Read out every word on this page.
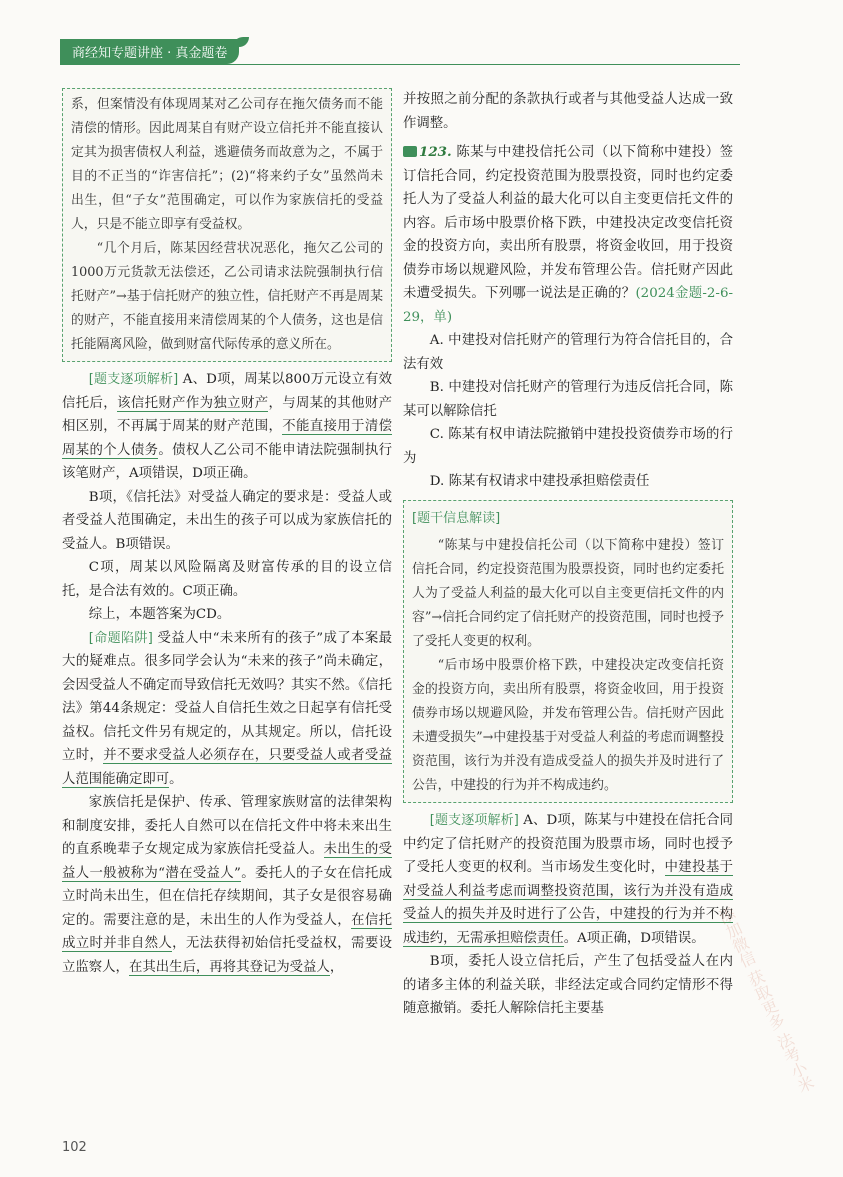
商经知专题讲座 · 真金题卷

系，但案情没有体现周某对乙公司存在拖欠债务而不能清偿的情形。因此周某自有财产设立信托并不能直接认定其为损害债权人利益，逃避债务而故意为之，不属于目的不正当的“诈害信托”；(2)“将来约子女”虽然尚未出生，但“子女”范围确定，可以作为家族信托的受益人，只是不能立即享有受益权。

“几个月后，陈某因经营状况恶化，拖欠乙公司的1000万元货款无法偿还，乙公司请求法院强制执行信托财产”→基于信托财产的独立性，信托财产不再是周某的财产，不能直接用来清偿周某的个人债务，这也是信托能隔离风险，做到财富代际传承的意义所在。

[题支逐项解析] A、D项，周某以800万元设立有效信托后，该信托财产作为独立财产，与周某的其他财产相区别，不再属于周某的财产范围，不能直接用于清偿周某的个人债务。债权人乙公司不能申请法院强制执行该笔财产，A项错误，D项正确。

B项，《信托法》对受益人确定的要求是：受益人或者受益人范围确定，未出生的孩子可以成为家族信托的受益人。B项错误。

C项，周某以风险隔离及财富传承的目的设立信托，是合法有效的。C项正确。

综上，本题答案为CD。

[命题陷阱] 受益人中“未来所有的孩子”成了本案最大的疑难点。很多同学会认为“未来的孩子”尚未确定，会因受益人不确定而导致信托无效吗？其实不然。《信托法》第44条规定：受益人自信托生效之日起享有信托受益权。信托文件另有规定的，从其规定。所以，信托设立时，并不要求受益人必须存在，只要受益人或者受益人范围能确定即可。

家族信托是保护、传承、管理家族财富的法律架构和制度安排，委托人自然可以在信托文件中将未来出生的直系晚辈子女规定成为家族信托受益人。未出生的受益人一般被称为“潜在受益人”。委托人的子女在信托成立时尚未出生，但在信托存续期间，其子女是很容易确定的。需要注意的是，未出生的人作为受益人，在信托成立时并非自然人，无法获得初始信托受益权，需要设立监察人，在其出生后，再将其登记为受益人，

并按照之前分配的条款执行或者与其他受益人达成一致作调整。

123. 陈某与中建投信托公司（以下简称中建投）签订信托合同，约定投资范围为股票投资，同时也约定委托人为了受益人利益的最大化可以自主变更信托文件的内容。后市场中股票价格下跌，中建投决定改变信托资金的投资方向，卖出所有股票，将资金收回，用于投资债券市场以规避风险，并发布管理公告。信托财产因此未遭受损失。下列哪一说法是正确的？(2024金题-2-6-29，单)

A. 中建投对信托财产的管理行为符合信托目的，合法有效

B. 中建投对信托财产的管理行为违反信托合同，陈某可以解除信托

C. 陈某有权申请法院撤销中建投投资债券市场的行为

D. 陈某有权请求中建投承担赔偿责任

[题干信息解读]

“陈某与中建投信托公司（以下简称中建投）签订信托合同，约定投资范围为股票投资，同时也约定委托人为了受益人利益的最大化可以自主变更信托文件的内容”→信托合同约定了信托财产的投资范围，同时也授予了受托人变更的权利。

“后市场中股票价格下跌，中建投决定改变信托资金的投资方向，卖出所有股票，将资金收回，用于投资债券市场以规避风险，并发布管理公告。信托财产因此未遭受损失”→中建投基于对受益人利益的考虑而调整投资范围，该行为并没有造成受益人的损失并及时进行了公告，中建投的行为并不构成违约。

[题支逐项解析] A、D项，陈某与中建投在信托合同中约定了信托财产的投资范围为股票市场，同时也授予了受托人变更的权利。当市场发生变化时，中建投基于对受益人利益考虑而调整投资范围，该行为并没有造成受益人的损失并及时进行了公告，中建投的行为并不构成违约，无需承担赔偿责任。A项正确，D项错误。

B项，委托人设立信托后，产生了包括受益人在内的诸多主体的利益关联，非经法定或合同约定情形不得随意撤销。委托人解除信托主要基

102
添加微信 获取更多 法考小米
